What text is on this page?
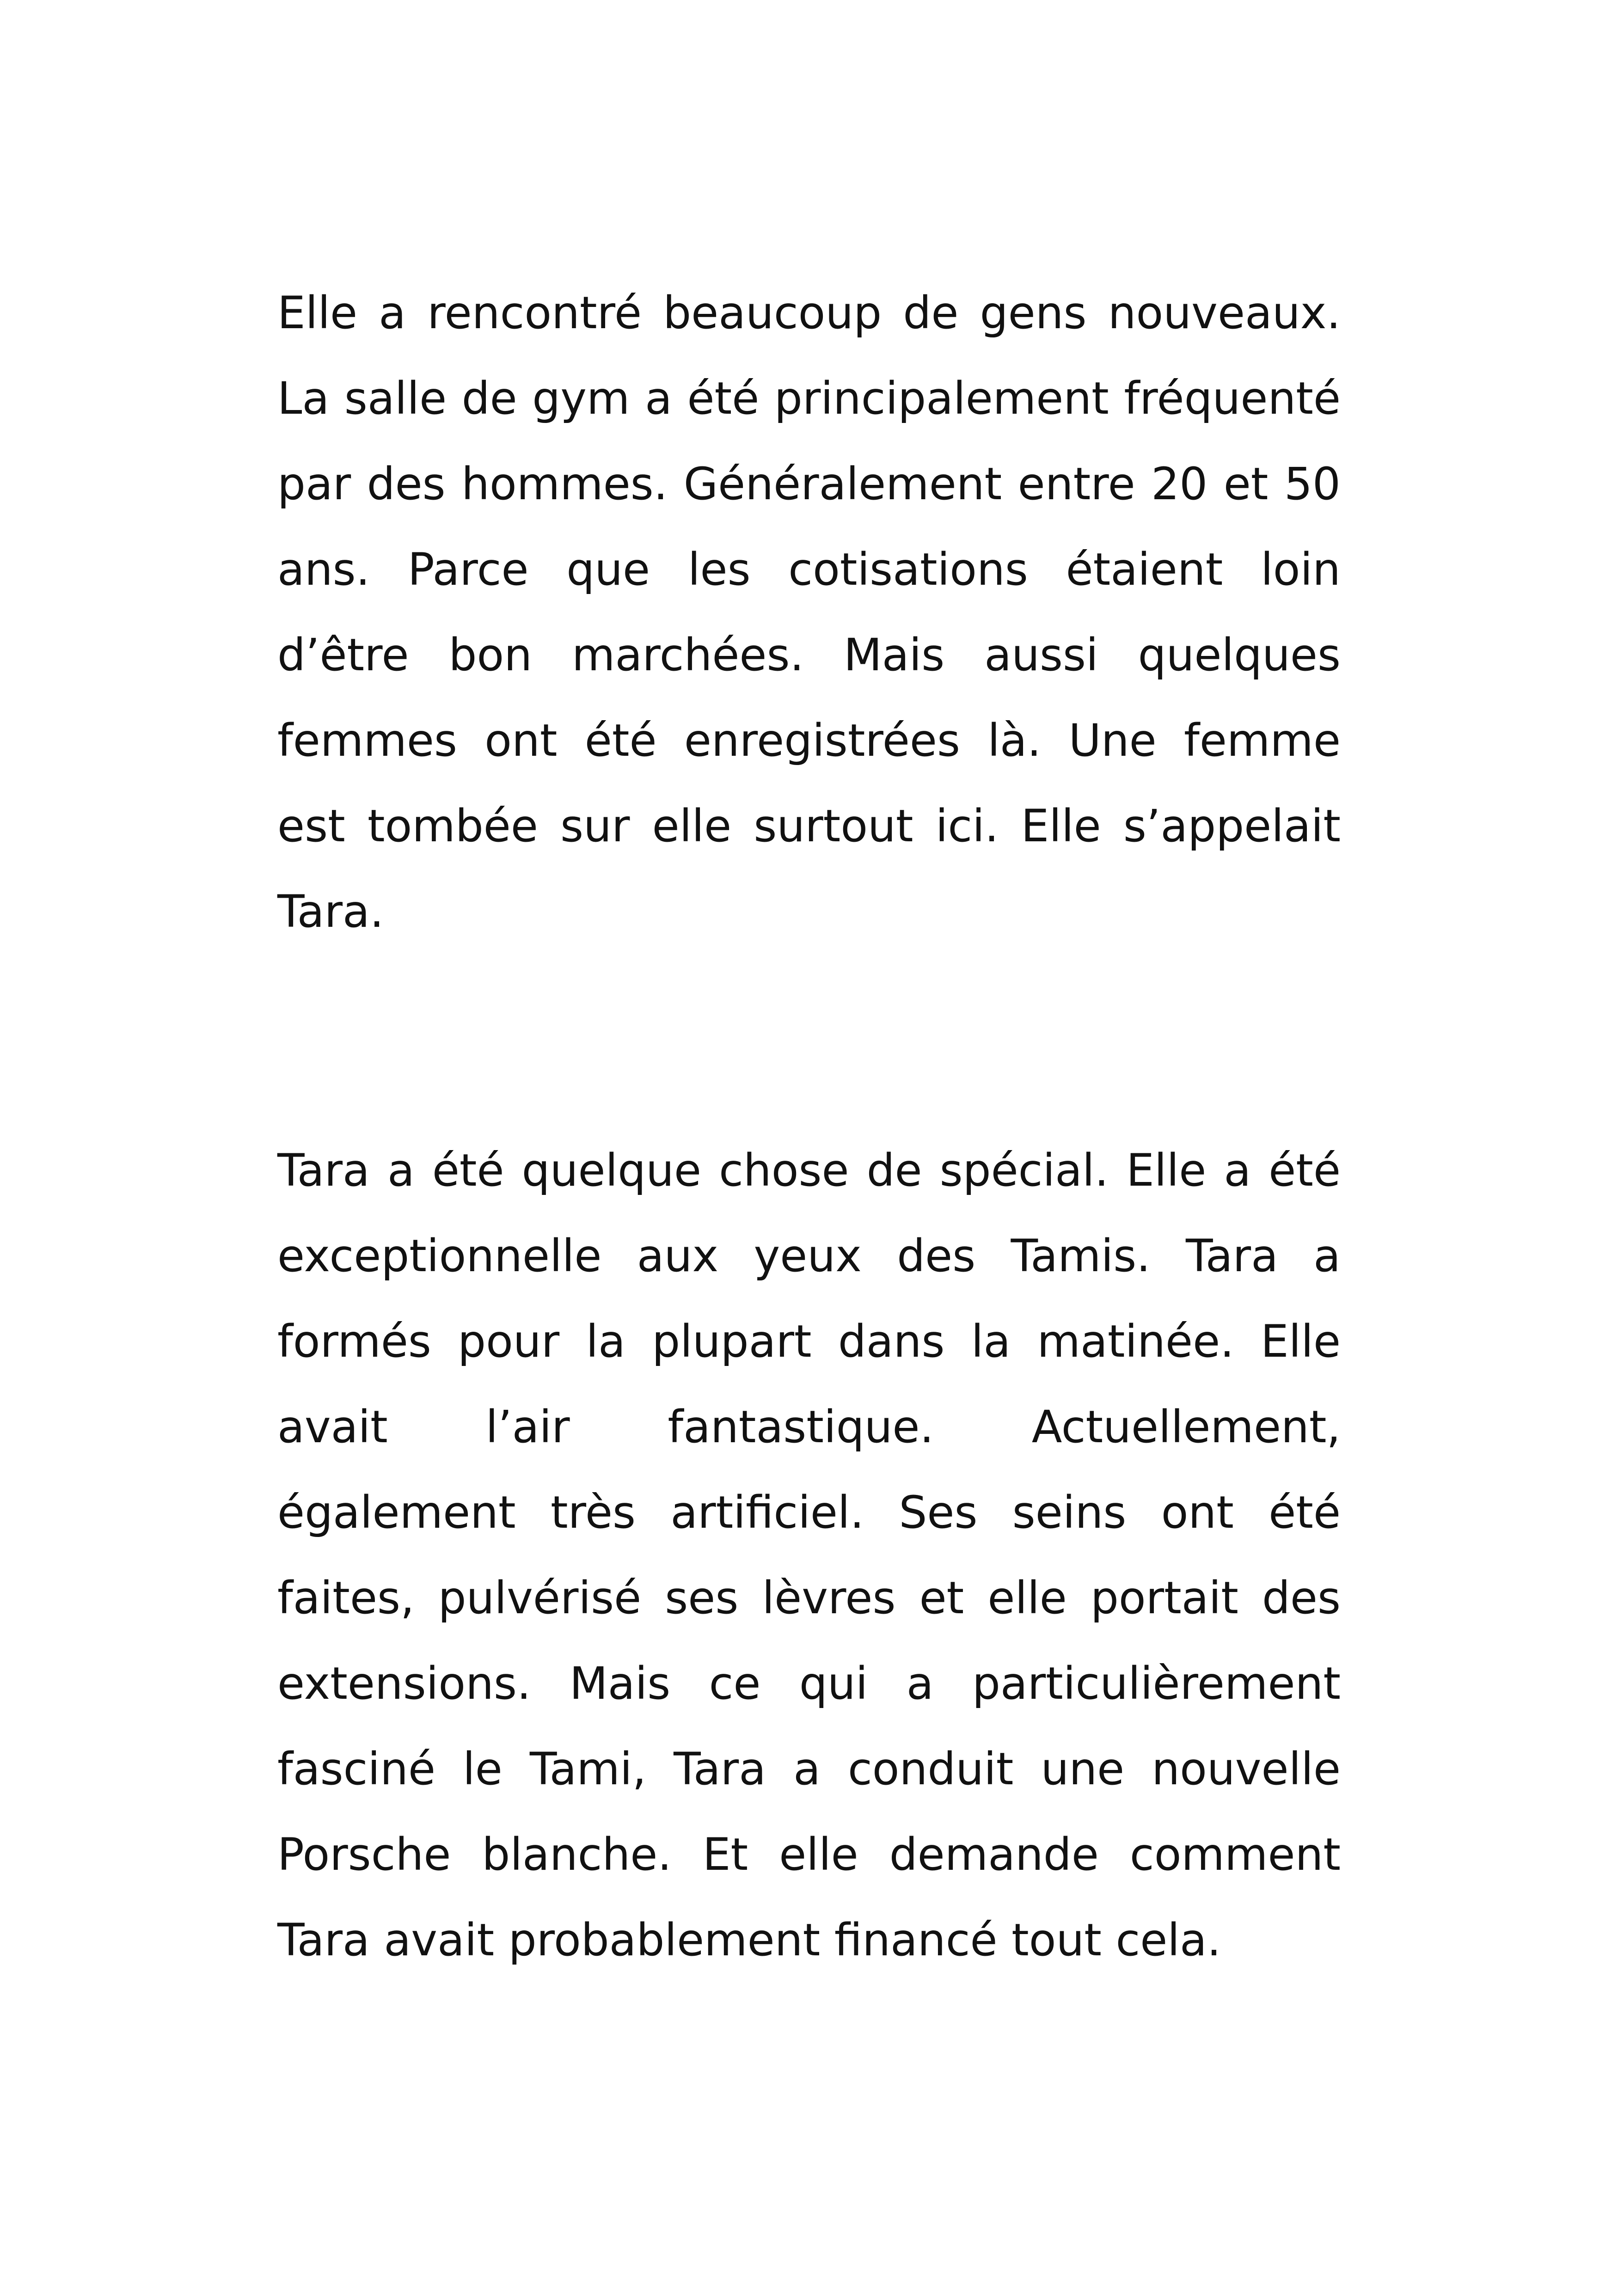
Elle a rencontré beaucoup de gens nouveaux. La salle de gym a été principalement fréquenté par des hommes. Généralement entre 20 et 50 ans. Parce que les cotisations étaient loin d’être bon marchées. Mais aussi quelques femmes ont été enregistrées là. Une femme est tombée sur elle surtout ici. Elle s’appelait Tara.

Tara a été quelque chose de spécial. Elle a été exceptionnelle aux yeux des Tamis. Tara a formés pour la plupart dans la matinée. Elle avait l’air fantastique. Actuellement, également très artificiel. Ses seins ont été faites, pulvérisé ses lèvres et elle portait des extensions. Mais ce qui a particulièrement fasciné le Tami, Tara a conduit une nouvelle Porsche blanche. Et elle demande comment Tara avait probablement financé tout cela.
